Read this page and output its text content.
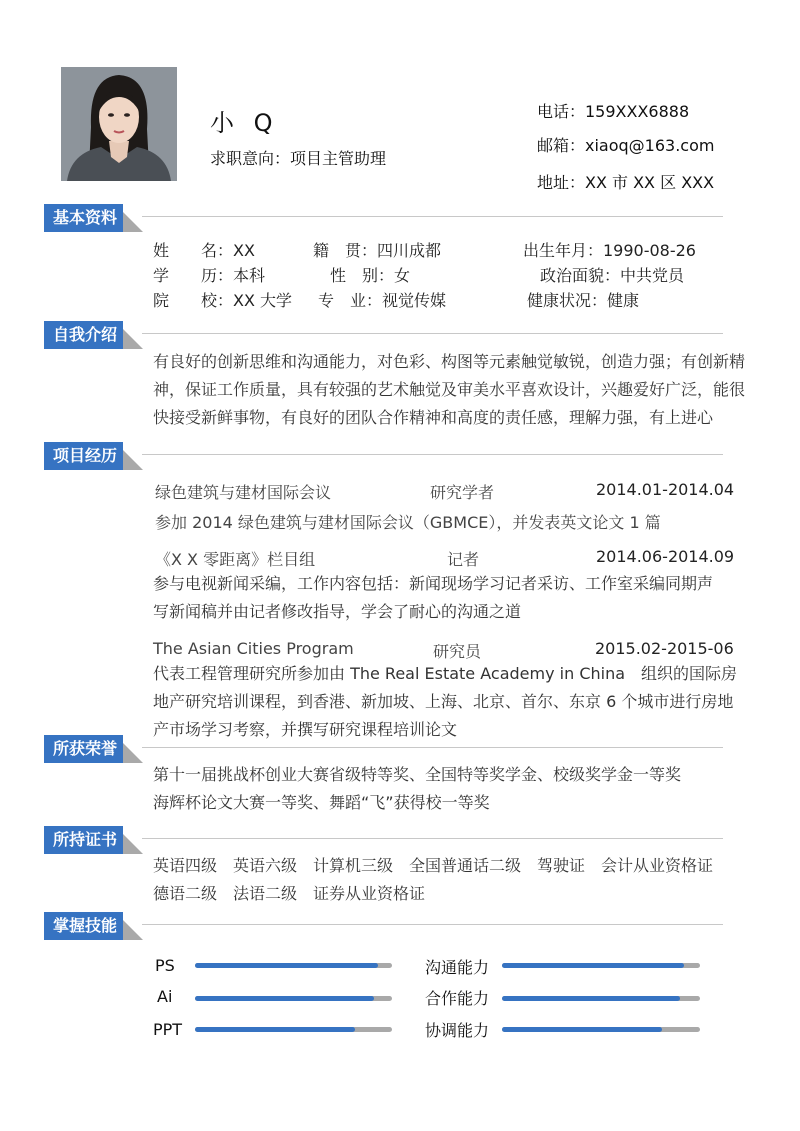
小 Q
求职意向：项目主管助理
电话：159XXX6888
邮箱：xiaoq@163.com
地址：XX 市 XX 区 XXX
基本资料
姓　　名：XX	籍　贯：四川成都	出生年月：1990-08-26
学　　历：本科	性　别：女	政治面貌：中共党员
院　　校：XX 大学 专　业：视觉传媒	健康状况：健康
自我介绍
有良好的创新思维和沟通能力，对色彩、构图等元素触觉敏锐，创造力强；有创新精
神，保证工作质量，具有较强的艺术触觉及审美水平喜欢设计，兴趣爱好广泛，能很
快接受新鲜事物，有良好的团队合作精神和高度的责任感，理解力强，有上进心
项目经历
绿色建筑与建材国际会议	研究学者	2014.01-2014.04
参加 2014 绿色建筑与建材国际会议（GBMCE），并发表英文论文 1 篇
《X X 零距离》栏目组	记者	2014.06-2014.09
参与电视新闻采编，工作内容包括：新闻现场学习记者采访、工作室采编同期声
写新闻稿并由记者修改指导，学会了耐心的沟通之道
The Asian Cities Program	研究员	2015.02-2015-06
代表工程管理研究所参加由 The Real Estate Academy in China　组织的国际房
地产研究培训课程，到香港、新加坡、上海、北京、首尔、东京 6 个城市进行房地
产市场学习考察，并撰写研究课程培训论文
所获荣誉
第十一届挑战杯创业大赛省级特等奖、全国特等奖学金、校级奖学金一等奖
海辉杯论文大赛一等奖、舞蹈“飞”获得校一等奖
所持证书
英语四级　英语六级　计算机三级　全国普通话二级　驾驶证　会计从业资格证
德语二级　法语二级　证券从业资格证
掌握技能
PS
Ai
PPT
沟通能力
合作能力
协调能力
